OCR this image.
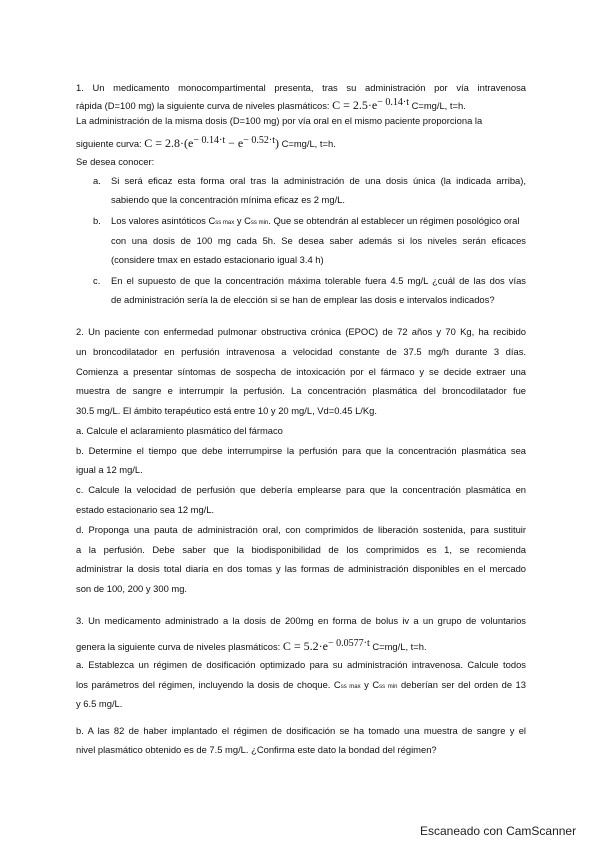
1. Un medicamento monocompartimental presenta, tras su administración por vía intravenosa
rápida (D=100 mg) la siguiente curva de niveles plasmáticos: $C = 2.5\cdot e^{- 0.14\cdot t}$ C=mg/L, t=h.
La administración de la misma dosis (D=100 mg) por vía oral en el mismo paciente proporciona la
siguiente curva: $C = 2.8\cdot(e^{- 0.14\cdot t} - e^{- 0.52\cdot t})$ C=mg/L, t=h.
Se desea conocer:
a. Si será eficaz esta forma oral tras la administración de una dosis única (la indicada arriba),
sabiendo que la concentración mínima eficaz es 2 mg/L.
b. Los valores asintóticos Css max y Css min. Que se obtendrán al establecer un régimen posológico oral
con una dosis de 100 mg cada 5h. Se desea saber además si los niveles serán eficaces
(considere tmax en estado estacionario igual 3.4 h)
c. En el supuesto de que la concentración máxima tolerable fuera 4.5 mg/L ¿cuál de las dos vías
de administración sería la de elección si se han de emplear las dosis e intervalos indicados?
2. Un paciente con enfermedad pulmonar obstructiva crónica (EPOC) de 72 años y 70 Kg, ha recibido
un broncodilatador en perfusión intravenosa a velocidad constante de 37.5 mg/h durante 3 días.
Comienza a presentar síntomas de sospecha de intoxicación por el fármaco y se decide extraer una
muestra de sangre e interrumpir la perfusión. La concentración plasmática del broncodilatador fue
30.5 mg/L. El ámbito terapéutico está entre 10 y 20 mg/L, Vd=0.45 L/Kg.
a. Calcule el aclaramiento plasmático del fármaco
b. Determine el tiempo que debe interrumpirse la perfusión para que la concentración plasmática sea
igual a 12 mg/L.
c. Calcule la velocidad de perfusión que debería emplearse para que la concentración plasmática en
estado estacionario sea 12 mg/L.
d. Proponga una pauta de administración oral, con comprimidos de liberación sostenida, para sustituir
a la perfusión. Debe saber que la biodisponibilidad de los comprimidos es 1, se recomienda
administrar la dosis total diaria en dos tomas y las formas de administración disponibles en el mercado
son de 100, 200 y 300 mg.
3. Un medicamento administrado a la dosis de 200mg en forma de bolus iv a un grupo de voluntarios
genera la siguiente curva de niveles plasmáticos: $C = 5.2\cdot e^{- 0.0577\cdot t}$ C=mg/L, t=h.
a. Establezca un régimen de dosificación optimizado para su administración intravenosa. Calcule todos
los parámetros del régimen, incluyendo la dosis de choque. Css max y Css min deberían ser del orden de 13
y 6.5 mg/L.
b. A las 82 de haber implantado el régimen de dosificación se ha tomado una muestra de sangre y el
nivel plasmático obtenido es de 7.5 mg/L. ¿Confirma este dato la bondad del régimen?
Escaneado con CamScanner
